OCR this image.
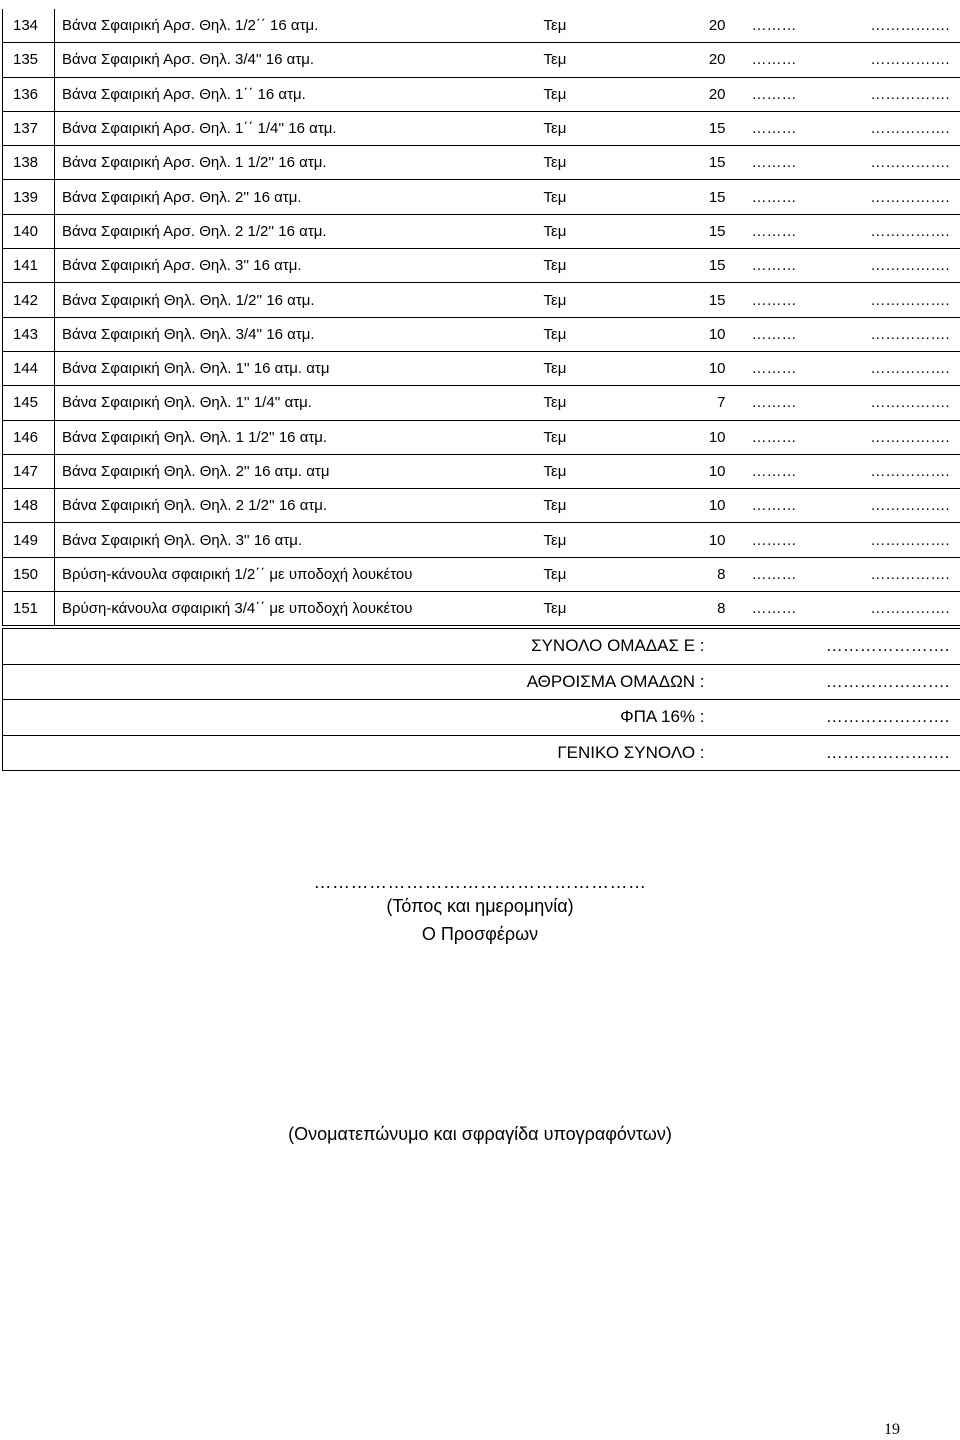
134	Βάνα Σφαιρική Αρσ. Θηλ. 1/2΄΄ 16 ατμ.	Τεμ	20	………	…………….
135	Βάνα Σφαιρική Αρσ. Θηλ. 3/4'' 16 ατμ.	Τεμ	20	………	…………….
136	Βάνα Σφαιρική Αρσ. Θηλ. 1΄΄ 16 ατμ.	Τεμ	20	………	…………….
137	Βάνα Σφαιρική Αρσ. Θηλ. 1΄΄ 1/4'' 16 ατμ.	Τεμ	15	………	…………….
138	Βάνα Σφαιρική Αρσ. Θηλ. 1 1/2'' 16 ατμ.	Τεμ	15	………	…………….
139	Βάνα Σφαιρική Αρσ. Θηλ. 2'' 16 ατμ.	Τεμ	15	………	…………….
140	Βάνα Σφαιρική Αρσ. Θηλ. 2 1/2'' 16 ατμ.	Τεμ	15	………	…………….
141	Βάνα Σφαιρική Αρσ. Θηλ. 3'' 16 ατμ.	Τεμ	15	………	…………….
142	Βάνα Σφαιρική Θηλ. Θηλ. 1/2'' 16 ατμ.	Τεμ	15	………	…………….
143	Βάνα Σφαιρική Θηλ. Θηλ. 3/4'' 16 ατμ.	Τεμ	10	………	…………….
144	Βάνα Σφαιρική Θηλ. Θηλ. 1'' 16 ατμ. ατμ	Τεμ	10	………	…………….
145	Βάνα Σφαιρική Θηλ. Θηλ. 1'' 1/4'' ατμ.	Τεμ	7	………	…………….
146	Βάνα Σφαιρική Θηλ. Θηλ. 1 1/2'' 16 ατμ.	Τεμ	10	………	…………….
147	Βάνα Σφαιρική Θηλ. Θηλ. 2'' 16 ατμ. ατμ	Τεμ	10	………	…………….
148	Βάνα Σφαιρική Θηλ. Θηλ. 2 1/2'' 16 ατμ.	Τεμ	10	………	…………….
149	Βάνα Σφαιρική Θηλ. Θηλ. 3'' 16 ατμ.	Τεμ	10	………	…………….
150	Βρύση-κάνουλα σφαιρική 1/2΄΄ με υποδοχή λουκέτου	Τεμ	8	………	…………….
151	Βρύση-κάνουλα σφαιρική 3/4΄΄ με υποδοχή λουκέτου	Τεμ	8	………	…………….
ΣΥΝΟΛΟ ΟΜΑΔΑΣ Ε :	………………….
ΑΘΡΟΙΣΜΑ ΟΜΑΔΩΝ :	………………….
ΦΠΑ 16% :	………………….
ΓΕΝΙΚΟ ΣΥΝΟΛΟ :	………………….
………………………………………………
(Τόπος και ημερομηνία)
Ο Προσφέρων
(Ονοματεπώνυμο και σφραγίδα υπογραφόντων)
19
